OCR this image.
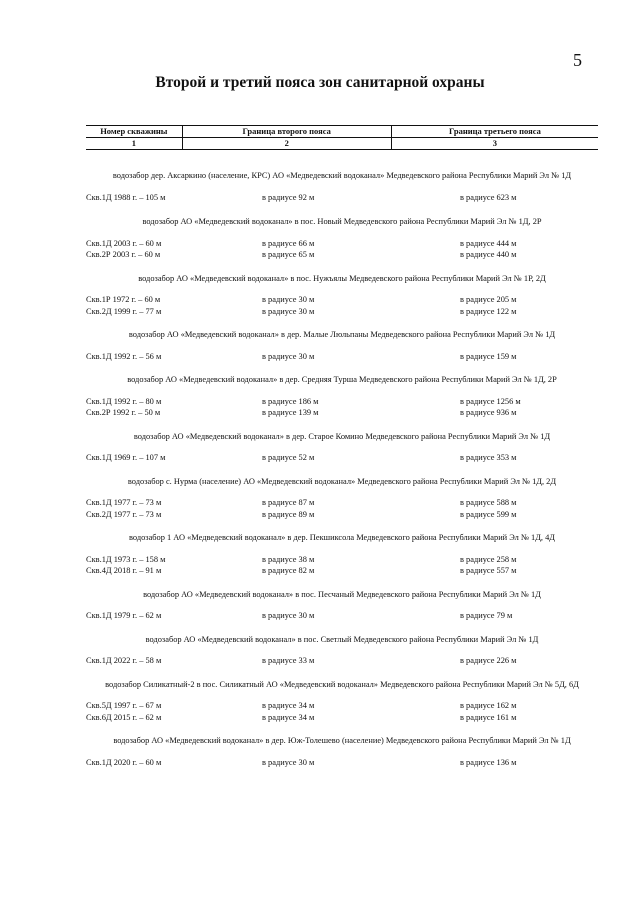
5
Второй и третий пояса зон санитарной охраны
Номер скважины	Граница второго пояса	Граница третьего пояса
1	2	3
водозабор дер. Аксаркино (население, КРС) АО «Медведевский водоканал» Медведевского района Республики Марий Эл № 1Д
Скв.1Д 1988 г. – 105 м	в радиусе 92 м	в радиусе 623 м
водозабор АО «Медведевский водоканал» в пос. Новый Медведевского района Республики Марий Эл № 1Д, 2Р
Скв.1Д 2003 г. – 60 м	в радиусе 66 м	в радиусе 444 м
Скв.2Р 2003 г. – 60 м	в радиусе 65 м	в радиусе 440 м
водозабор АО «Медведевский водоканал» в пос. Нужъялы Медведевского района Республики Марий Эл № 1Р, 2Д
Скв.1Р 1972 г. – 60 м	в радиусе 30 м	в радиусе 205 м
Скв.2Д 1999 г. – 77 м	в радиусе 30 м	в радиусе 122 м
водозабор АО «Медведевский водоканал» в дер. Малые Люльпаны Медведевского района Республики Марий Эл № 1Д
Скв.1Д 1992 г. – 56 м	в радиусе 30 м	в радиусе 159 м
водозабор АО «Медведевский водоканал» в дер. Средняя Турша Медведевского района Республики Марий Эл № 1Д, 2Р
Скв.1Д 1992 г. – 80 м	в радиусе 186 м	в радиусе 1256 м
Скв.2Р 1992 г. – 50 м	в радиусе 139 м	в радиусе 936 м
водозабор АО «Медведевский водоканал» в дер. Старое Комино Медведевского района Республики Марий Эл № 1Д
Скв.1Д 1969 г. – 107 м	в радиусе 52 м	в радиусе 353 м
водозабор с. Нурма (население) АО «Медведевский водоканал» Медведевского района Республики Марий Эл № 1Д, 2Д
Скв.1Д 1977 г. – 73 м	в радиусе 87 м	в радиусе 588 м
Скв.2Д 1977 г. – 73 м	в радиусе 89 м	в радиусе 599 м
водозабор 1 АО «Медведевский водоканал» в дер. Пекшиксола Медведевского района Республики Марий Эл № 1Д, 4Д
Скв.1Д 1973 г. – 158 м	в радиусе 38 м	в радиусе 258 м
Скв.4Д 2018 г. – 91 м	в радиусе 82 м	в радиусе 557 м
водозабор АО «Медведевский водоканал» в пос. Песчаный Медведевского района Республики Марий Эл № 1Д
Скв.1Д 1979 г. – 62 м	в радиусе 30 м	в радиусе 79 м
водозабор АО «Медведевский водоканал» в пос. Светлый Медведевского района Республики Марий Эл № 1Д
Скв.1Д 2022 г. – 58 м	в радиусе 33 м	в радиусе 226 м
водозабор Силикатный-2 в пос. Силикатный АО «Медведевский водоканал» Медведевского района Республики Марий Эл № 5Д, 6Д
Скв.5Д 1997 г. – 67 м	в радиусе 34 м	в радиусе 162 м
Скв.6Д 2015 г. – 62 м	в радиусе 34 м	в радиусе 161 м
водозабор АО «Медведевский водоканал» в дер. Юж-Толешево (население) Медведевского района Республики Марий Эл № 1Д
Скв.1Д 2020 г. – 60 м	в радиусе 30 м	в радиусе 136 м
